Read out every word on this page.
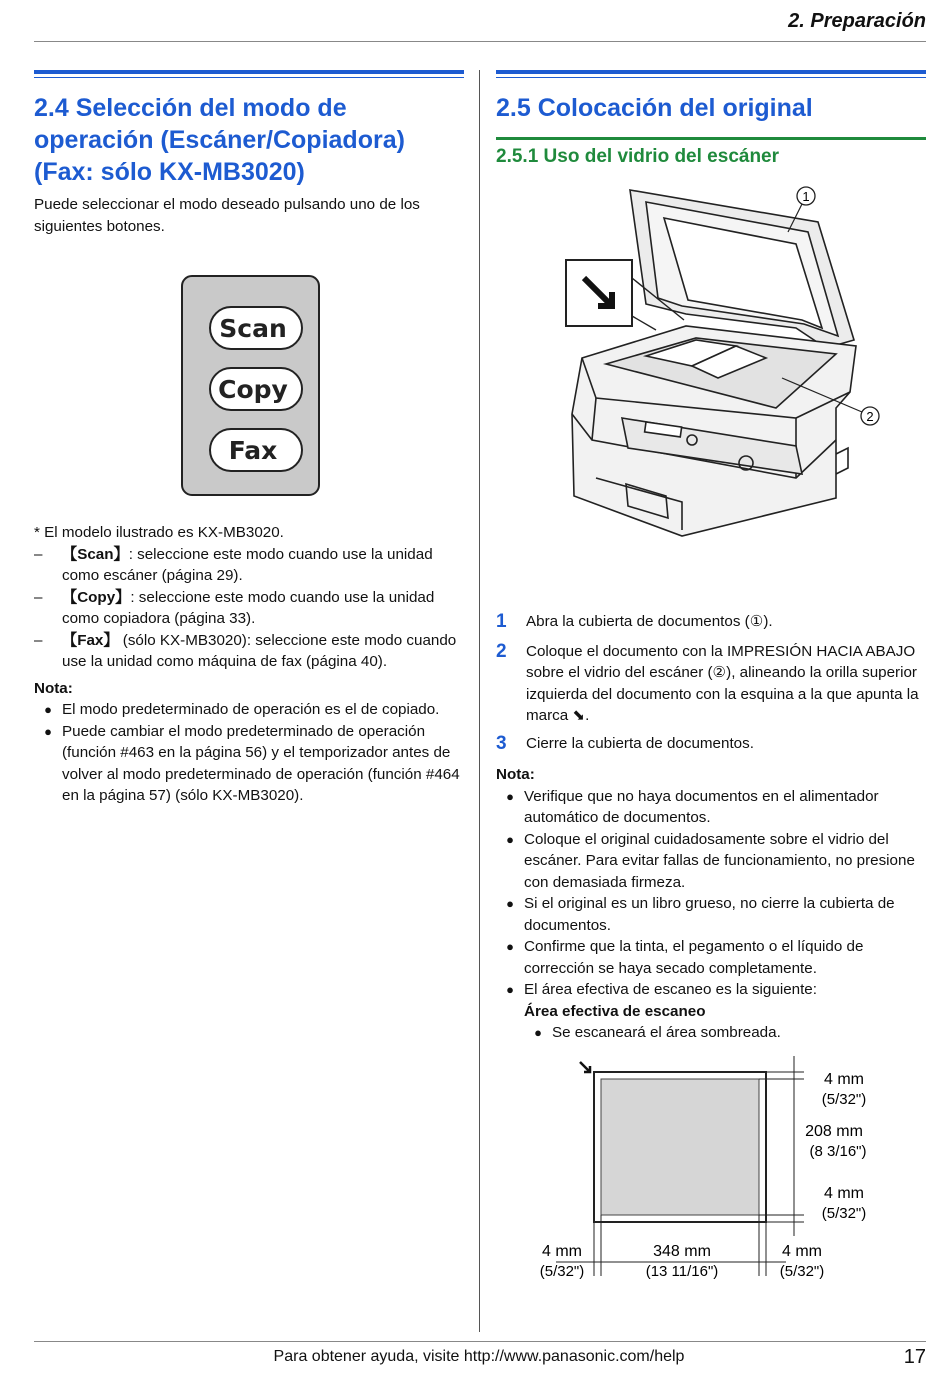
2. Preparación
2.4 Selección del modo de operación (Escáner/Copiadora) (Fax: sólo KX-MB3020)
Puede seleccionar el modo deseado pulsando uno de los siguientes botones.
Scan
Copy
Fax
* El modelo ilustrado es KX-MB3020.
–	【Scan】: seleccione este modo cuando use la unidad como escáner (página 29).
–	【Copy】: seleccione este modo cuando use la unidad como copiadora (página 33).
–	【Fax】 (sólo KX-MB3020): seleccione este modo cuando use la unidad como máquina de fax (página 40).
Nota:
● El modo predeterminado de operación es el de copiado.
● Puede cambiar el modo predeterminado de operación (función #463 en la página 56) y el temporizador antes de volver al modo predeterminado de operación (función #464 en la página 57) (sólo KX-MB3020).
2.5 Colocación del original
2.5.1 Uso del vidrio del escáner
1
2
1	Abra la cubierta de documentos (①).
2	Coloque el documento con la IMPRESIÓN HACIA ABAJO sobre el vidrio del escáner (②), alineando la orilla superior izquierda del documento con la esquina a la que apunta la marca ⬊.
3	Cierre la cubierta de documentos.
Nota:
● Verifique que no haya documentos en el alimentador automático de documentos.
● Coloque el original cuidadosamente sobre el vidrio del escáner. Para evitar fallas de funcionamiento, no presione con demasiada firmeza.
● Si el original es un libro grueso, no cierre la cubierta de documentos.
● Confirme que la tinta, el pegamento o el líquido de corrección se haya secado completamente.
● El área efectiva de escaneo es la siguiente:
Área efectiva de escaneo
● Se escaneará el área sombreada.
4 mm
(5/32")
208 mm
(8 3/16")
4 mm
(5/32")
4 mm
(5/32")
348 mm
(13 11/16")
4 mm
(5/32")
Para obtener ayuda, visite http://www.panasonic.com/help	17
